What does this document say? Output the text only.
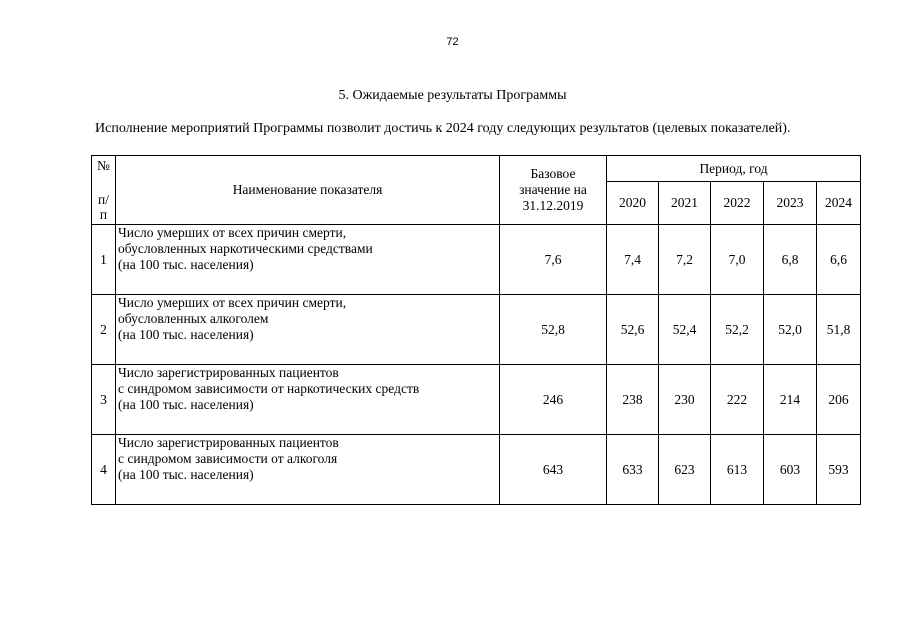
72
5. Ожидаемые результаты Программы
Исполнение мероприятий Программы позволит достичь к 2024 году следующих результатов (целевых показателей).
№
п/
п	Наименование показателя	Базовое значение на 31.12.2019	Период, год				
			2020	2021	2022	2023	2024
1	Число умерших от всех причин смерти,
обусловленных наркотическими средствами
(на 100 тыс. населения)	7,6	7,4	7,2	7,0	6,8	6,6
2	Число умерших от всех причин смерти,
обусловленных алкоголем
(на 100 тыс. населения)	52,8	52,6	52,4	52,2	52,0	51,8
3	Число зарегистрированных пациентов
с синдромом зависимости от наркотических средств
(на 100 тыс. населения)	246	238	230	222	214	206
4	Число зарегистрированных пациентов
с синдромом зависимости от алкоголя
(на 100 тыс. населения)	643	633	623	613	603	593
